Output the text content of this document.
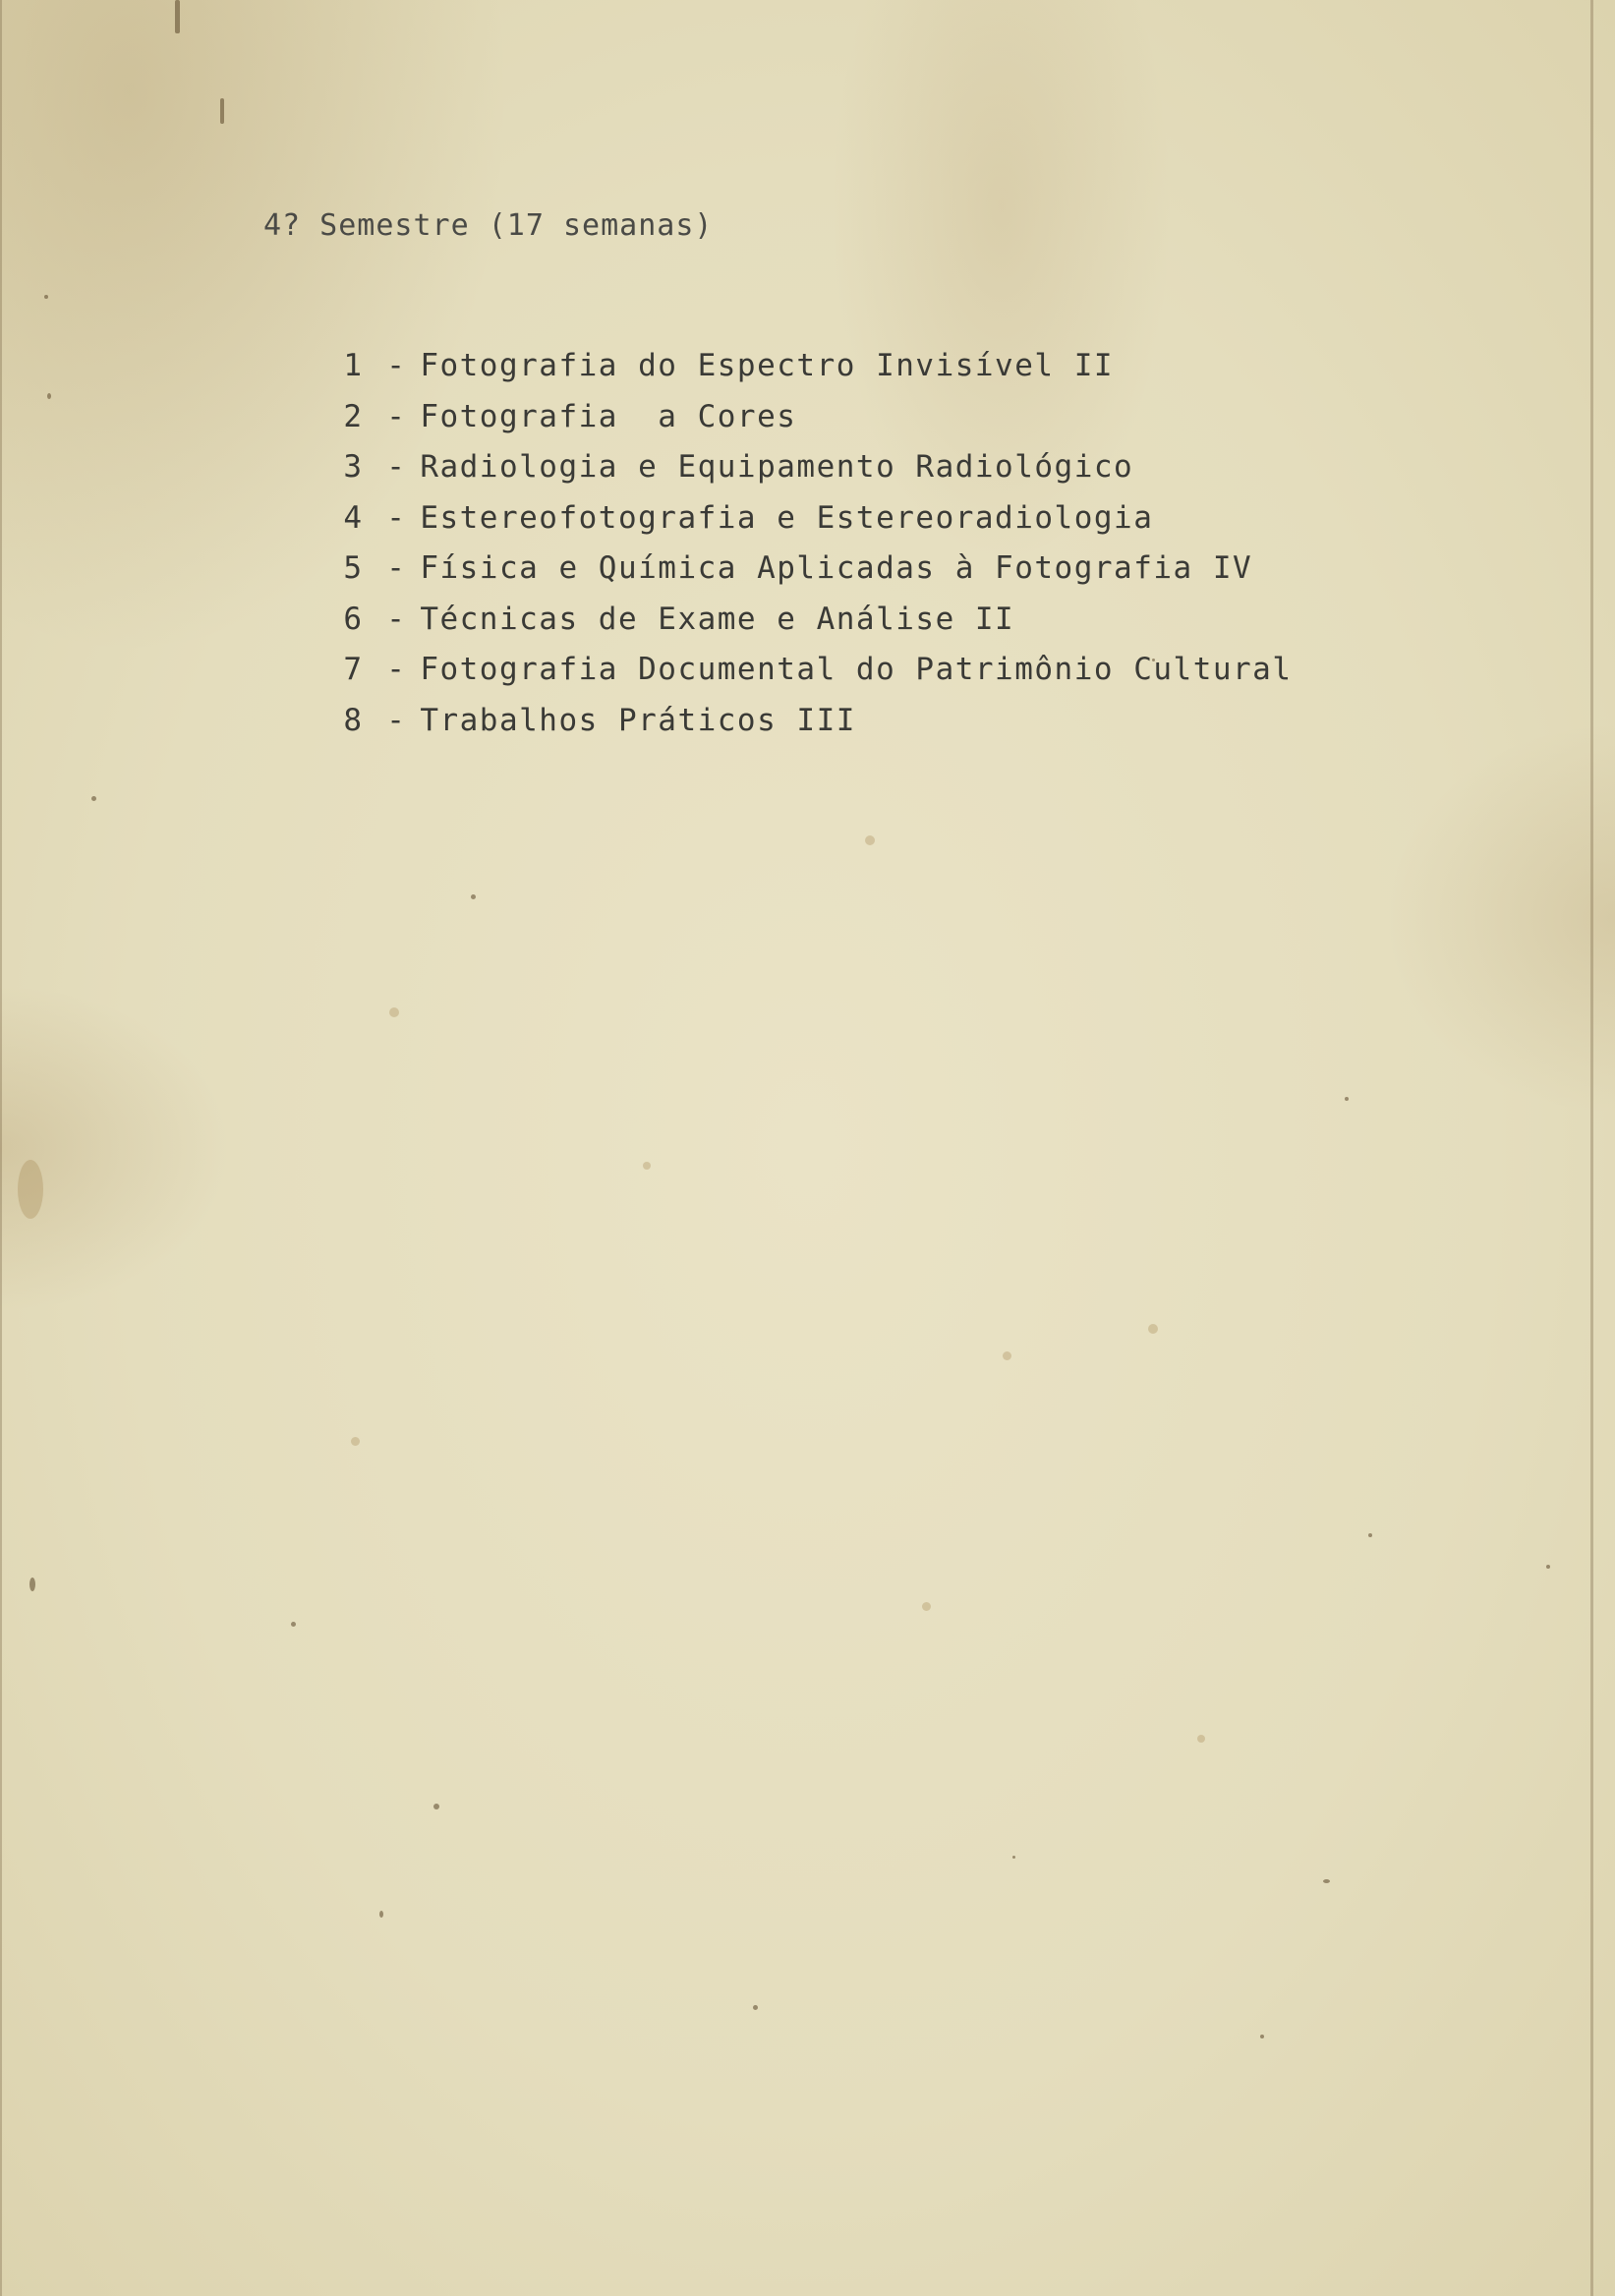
4? Semestre (17 semanas)

1 - Fotografia do Espectro Invisível II

2 - Fotografia  a Cores

3 - Radiologia e Equipamento Radiológico

4 - Estereofotografia e Estereoradiologia

5 - Física e Química Aplicadas à Fotografia IV

6 - Técnicas de Exame e Análise II

7 - Fotografia Documental do Patrimônio Cultural

8 - Trabalhos Práticos III
